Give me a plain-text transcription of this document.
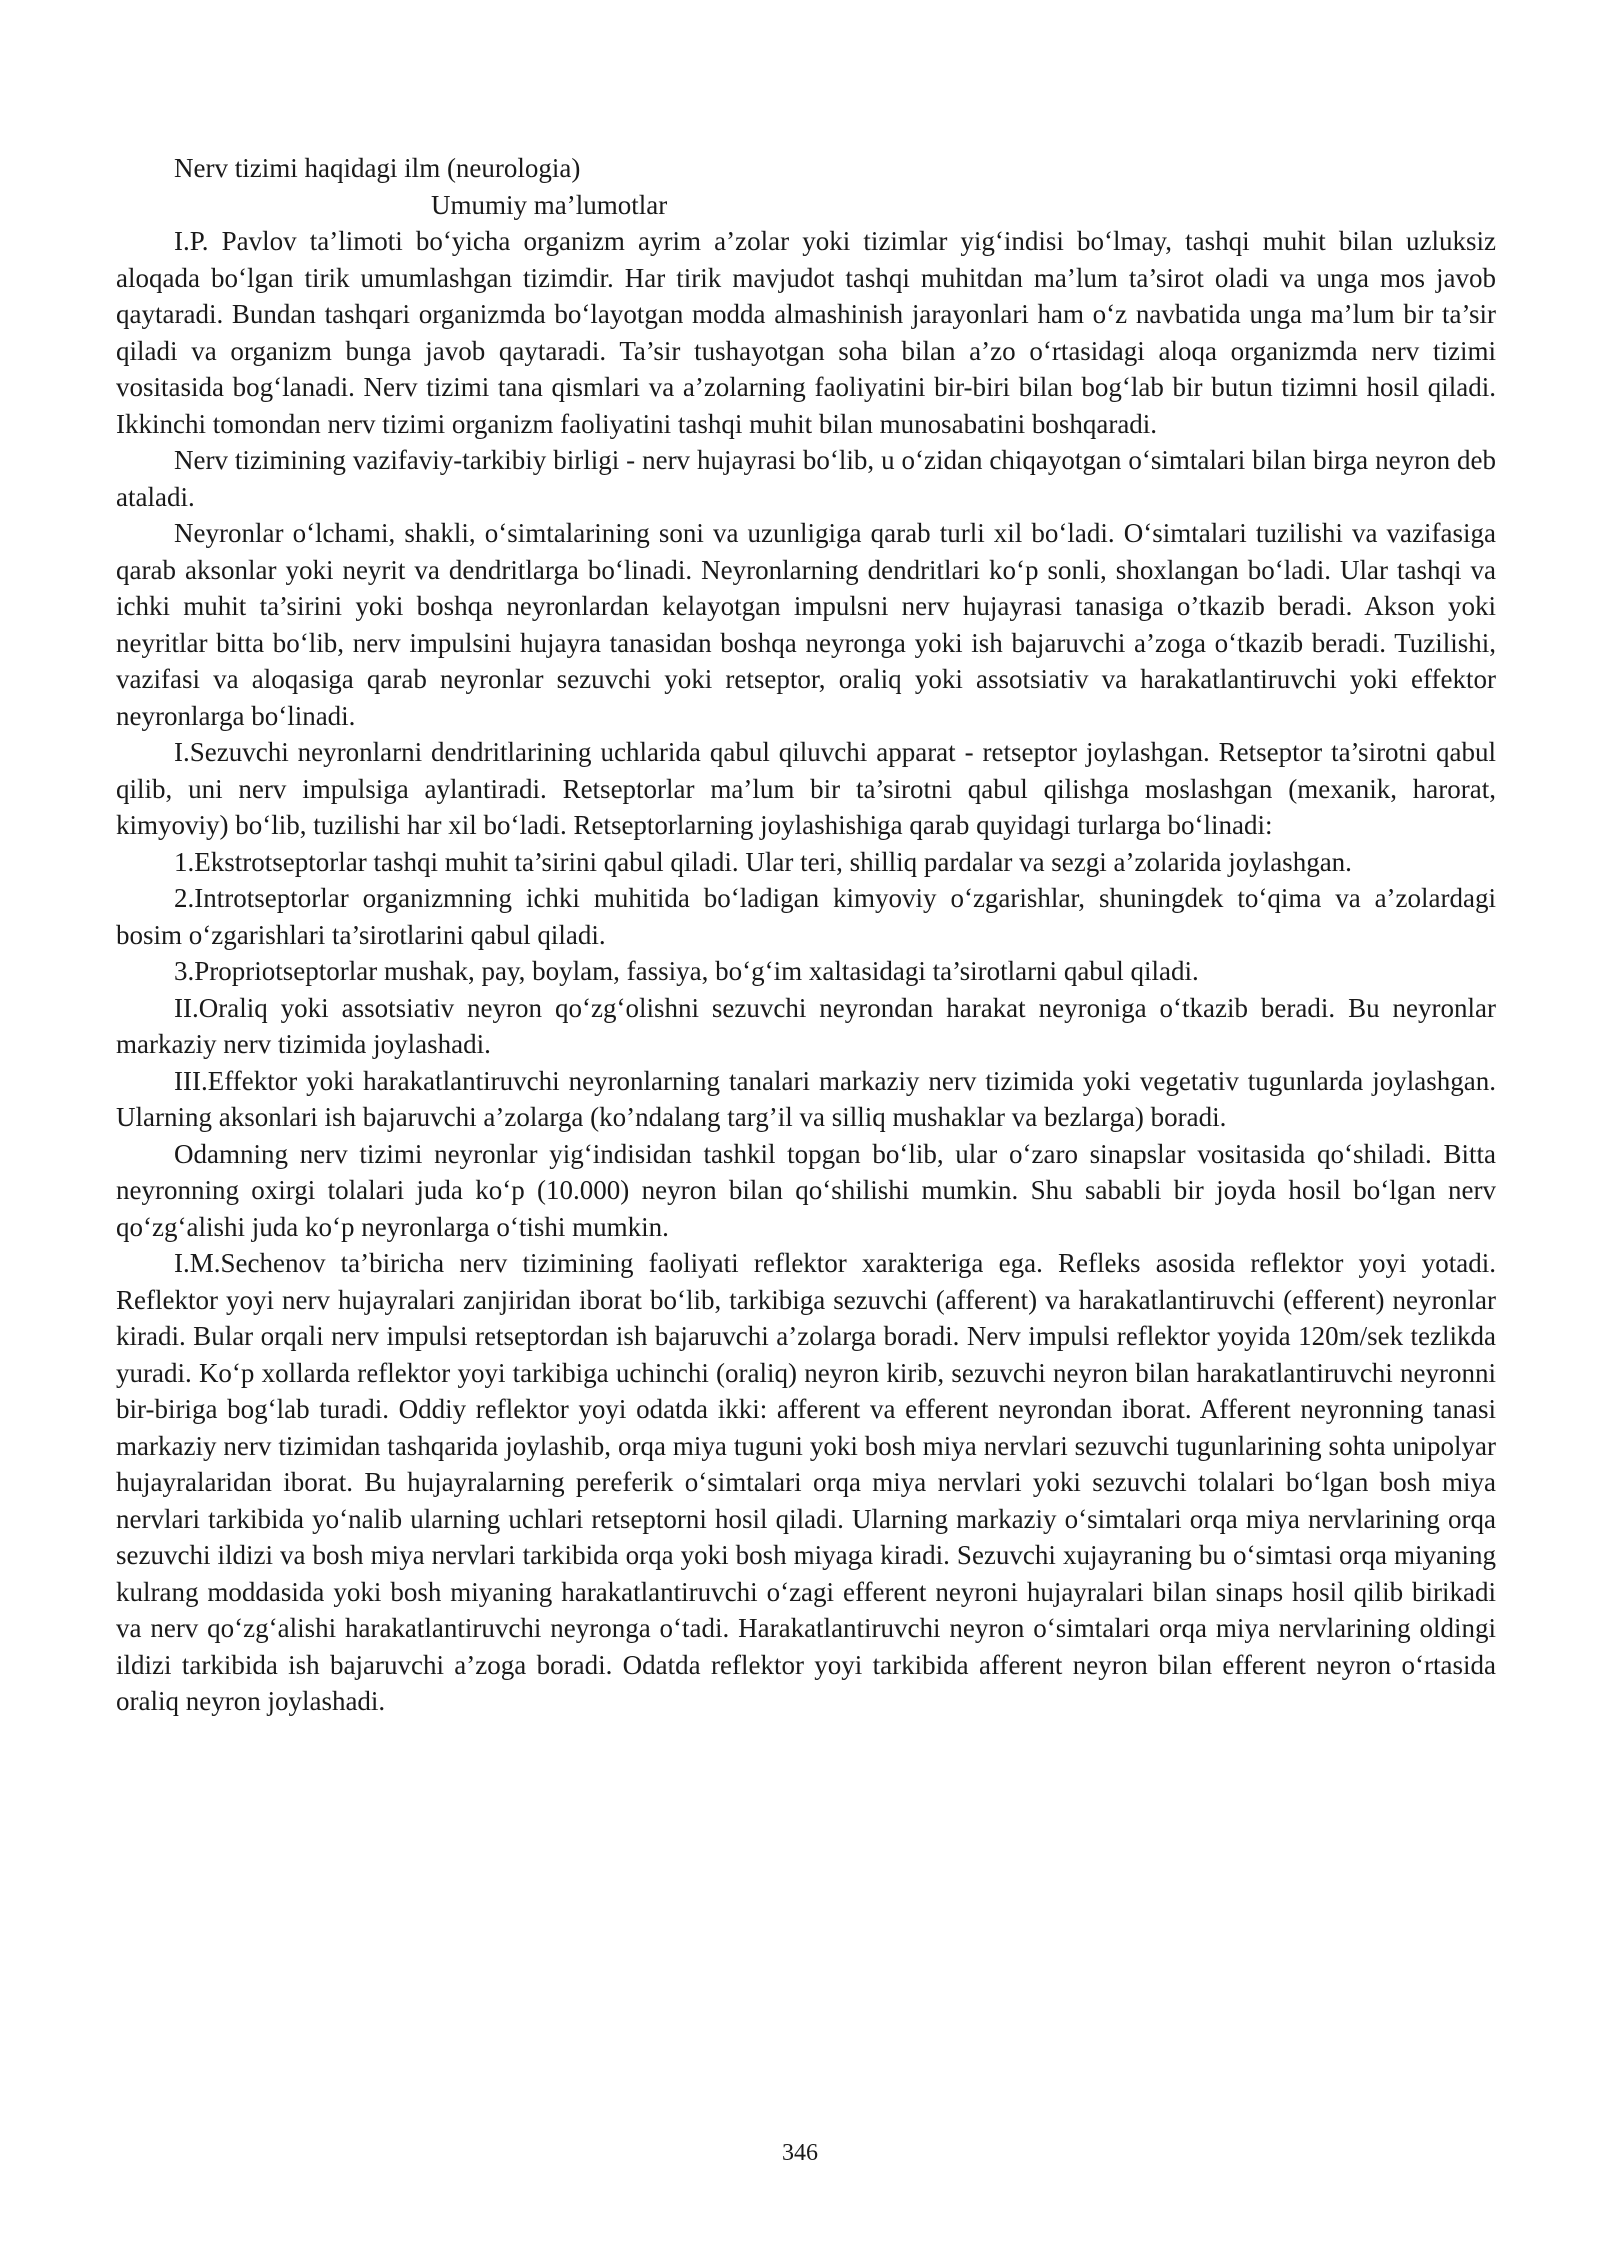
Nerv tizimi haqidagi ilm (neurologia)

Umumiy ma’lumotlar

I.P. Pavlov ta’limoti bo‘yicha organizm ayrim a’zolar yoki tizimlar yig‘indisi bo‘lmay, tashqi muhit bilan uzluksiz aloqada bo‘lgan tirik umumlashgan tizimdir. Har tirik mavjudot tashqi muhitdan ma’lum ta’sirot oladi va unga mos javob qaytaradi. Bundan tashqari organizmda bo‘layotgan modda almashinish jarayonlari ham o‘z navbatida unga ma’lum bir ta’sir qiladi va organizm bunga javob qaytaradi. Ta’sir tushayotgan soha bilan a’zo o‘rtasidagi aloqa organizmda nerv tizimi vositasida bog‘lanadi. Nerv tizimi tana qismlari va a’zolarning faoliyatini bir-biri bilan bog‘lab bir butun tizimni hosil qiladi. Ikkinchi tomondan nerv tizimi organizm faoliyatini tashqi muhit bilan munosabatini boshqaradi.

Nerv tizimining vazifaviy-tarkibiy birligi - nerv hujayrasi bo‘lib, u o‘zidan chiqayotgan o‘simtalari bilan birga neyron deb ataladi.

Neyronlar o‘lchami, shakli, o‘simtalarining soni va uzunligiga qarab turli xil bo‘ladi. O‘simtalari tuzilishi va vazifasiga qarab aksonlar yoki neyrit va dendritlarga bo‘linadi. Neyronlarning dendritlari ko‘p sonli, shoxlangan bo‘ladi. Ular tashqi va ichki muhit ta’sirini yoki boshqa neyronlardan kelayotgan impulsni nerv hujayrasi tanasiga o’tkazib beradi. Akson yoki neyritlar bitta bo‘lib, nerv impulsini hujayra tanasidan boshqa neyronga yoki ish bajaruvchi a’zoga o‘tkazib beradi. Tuzilishi, vazifasi va aloqasiga qarab neyronlar sezuvchi yoki retseptor, oraliq yoki assotsiativ va harakatlantiruvchi yoki effektor neyronlarga bo‘linadi.

I.Sezuvchi neyronlarni dendritlarining uchlarida qabul qiluvchi apparat - retseptor joylashgan. Retseptor ta’sirotni qabul qilib, uni nerv impulsiga aylantiradi. Retseptorlar ma’lum bir ta’sirotni qabul qilishga moslashgan (mexanik, harorat, kimyoviy) bo‘lib, tuzilishi har xil bo‘ladi. Retseptorlarning joylashishiga qarab quyidagi turlarga bo‘linadi:

1.Ekstrotseptorlar tashqi muhit ta’sirini qabul qiladi. Ular teri, shilliq pardalar va sezgi a’zolarida joylashgan.

2.Introtseptorlar organizmning ichki muhitida bo‘ladigan kimyoviy o‘zgarishlar, shuningdek to‘qima va a’zolardagi bosim o‘zgarishlari ta’sirotlarini qabul qiladi.

3.Propriotseptorlar mushak, pay, boylam, fassiya, bo‘g‘im xaltasidagi ta’sirotlarni qabul qiladi.

II.Oraliq yoki assotsiativ neyron qo‘zg‘olishni sezuvchi neyrondan harakat neyroniga o‘tkazib beradi. Bu neyronlar markaziy nerv tizimida joylashadi.

III.Effektor yoki harakatlantiruvchi neyronlarning tanalari markaziy nerv tizimida yoki vegetativ tugunlarda joylashgan. Ularning aksonlari ish bajaruvchi a’zolarga (ko’ndalang targ’il va silliq mushaklar va bezlarga) boradi.

Odamning nerv tizimi neyronlar yig‘indisidan tashkil topgan bo‘lib, ular o‘zaro sinapslar vositasida qo‘shiladi. Bitta neyronning oxirgi tolalari juda ko‘p (10.000) neyron bilan qo‘shilishi mumkin. Shu sababli bir joyda hosil bo‘lgan nerv qo‘zg‘alishi juda ko‘p neyronlarga o‘tishi mumkin.

I.M.Sechenov ta’biricha nerv tizimining faoliyati reflektor xarakteriga ega. Refleks asosida reflektor yoyi yotadi. Reflektor yoyi nerv hujayralari zanjiridan iborat bo‘lib, tarkibiga sezuvchi (afferent) va harakatlantiruvchi (efferent) neyronlar kiradi. Bular orqali nerv impulsi retseptordan ish bajaruvchi a’zolarga boradi. Nerv impulsi reflektor yoyida 120m/sek tezlikda yuradi. Ko‘p xollarda reflektor yoyi tarkibiga uchinchi (oraliq) neyron kirib, sezuvchi neyron bilan harakatlantiruvchi neyronni bir-biriga bog‘lab turadi. Oddiy reflektor yoyi odatda ikki: afferent va efferent neyrondan iborat. Afferent neyronning tanasi markaziy nerv tizimidan tashqarida joylashib, orqa miya tuguni yoki bosh miya nervlari sezuvchi tugunlarining sohta unipolyar hujayralaridan iborat. Bu hujayralarning pereferik o‘simtalari orqa miya nervlari yoki sezuvchi tolalari bo‘lgan bosh miya nervlari tarkibida yo‘nalib ularning uchlari retseptorni hosil qiladi. Ularning markaziy o‘simtalari orqa miya nervlarining orqa sezuvchi ildizi va bosh miya nervlari tarkibida orqa yoki bosh miyaga kiradi. Sezuvchi xujayraning bu o‘simtasi orqa miyaning kulrang moddasida yoki bosh miyaning harakatlantiruvchi o‘zagi efferent neyroni hujayralari bilan sinaps hosil qilib birikadi va nerv qo‘zg‘alishi harakatlantiruvchi neyronga o‘tadi. Harakatlantiruvchi neyron o‘simtalari orqa miya nervlarining oldingi ildizi tarkibida ish bajaruvchi a’zoga boradi. Odatda reflektor yoyi tarkibida afferent neyron bilan efferent neyron o‘rtasida oraliq neyron joylashadi.

346
